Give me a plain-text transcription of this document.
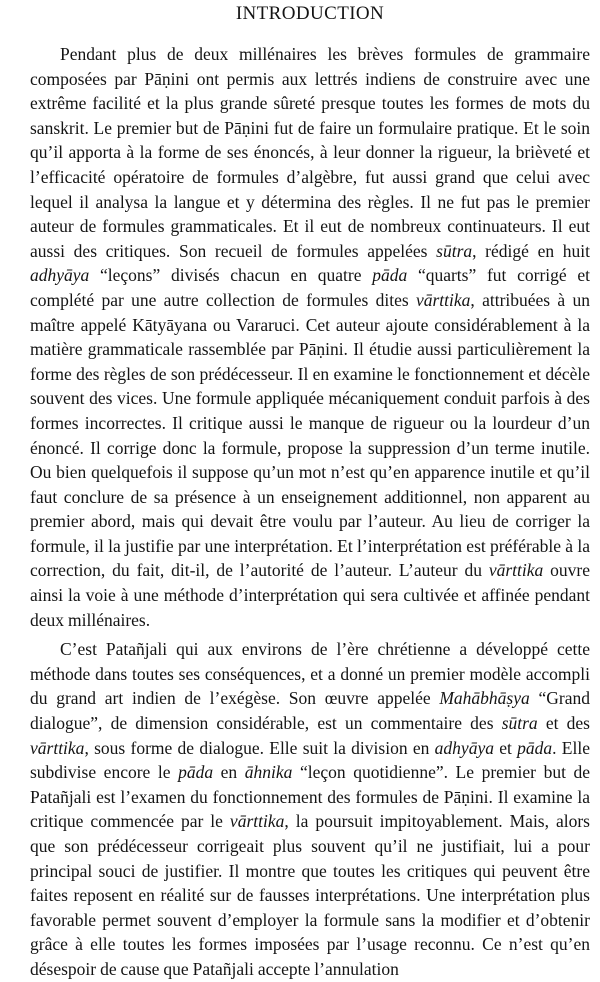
INTRODUCTION

Pendant plus de deux millénaires les brèves formules de grammaire composées par Pāṇini ont permis aux lettrés indiens de construire avec une extrême facilité et la plus grande sûreté presque toutes les formes de mots du sanskrit. Le premier but de Pāṇini fut de faire un formulaire pratique. Et le soin qu’il apporta à la forme de ses énoncés, à leur donner la rigueur, la brièveté et l’efficacité opératoire de formules d’algèbre, fut aussi grand que celui avec lequel il analysa la langue et y détermina des règles. Il ne fut pas le premier auteur de formules grammaticales. Et il eut de nombreux continuateurs. Il eut aussi des critiques. Son recueil de formules appelées sūtra, rédigé en huit adhyāya “leçons” divisés chacun en quatre pāda “quarts” fut corrigé et complété par une autre collection de formules dites vārttika, attribuées à un maître appelé Kātyāyana ou Vararuci. Cet auteur ajoute considérablement à la matière grammaticale rassemblée par Pāṇini. Il étudie aussi particulièrement la forme des règles de son prédécesseur. Il en examine le fonctionnement et décèle souvent des vices. Une formule appliquée mécaniquement conduit parfois à des formes incorrectes. Il critique aussi le manque de rigueur ou la lourdeur d’un énoncé. Il corrige donc la formule, propose la suppression d’un terme inutile. Ou bien quelquefois il suppose qu’un mot n’est qu’en apparence inutile et qu’il faut conclure de sa présence à un enseignement additionnel, non apparent au premier abord, mais qui devait être voulu par l’auteur. Au lieu de corriger la formule, il la justifie par une interprétation. Et l’interprétation est préférable à la correction, du fait, dit-il, de l’autorité de l’auteur. L’auteur du vārttika ouvre ainsi la voie à une méthode d’interprétation qui sera cultivée et affinée pendant deux millénaires.

C’est Patañjali qui aux environs de l’ère chrétienne a développé cette méthode dans toutes ses conséquences, et a donné un premier modèle accompli du grand art indien de l’exégèse. Son œuvre appelée Mahābhāṣya “Grand dialogue”, de dimension considérable, est un commentaire des sūtra et des vārttika, sous forme de dialogue. Elle suit la division en adhyāya et pāda. Elle subdivise encore le pāda en āhnika “leçon quotidienne”. Le premier but de Patañjali est l’examen du fonctionnement des formules de Pāṇini. Il examine la critique commencée par le vārttika, la poursuit impitoyablement. Mais, alors que son prédécesseur corrigeait plus souvent qu’il ne justifiait, lui a pour principal souci de justifier. Il montre que toutes les critiques qui peuvent être faites reposent en réalité sur de fausses interprétations. Une interprétation plus favorable permet souvent d’employer la formule sans la modifier et d’obtenir grâce à elle toutes les formes imposées par l’usage reconnu. Ce n’est qu’en désespoir de cause que Patañjali accepte l’annulation
